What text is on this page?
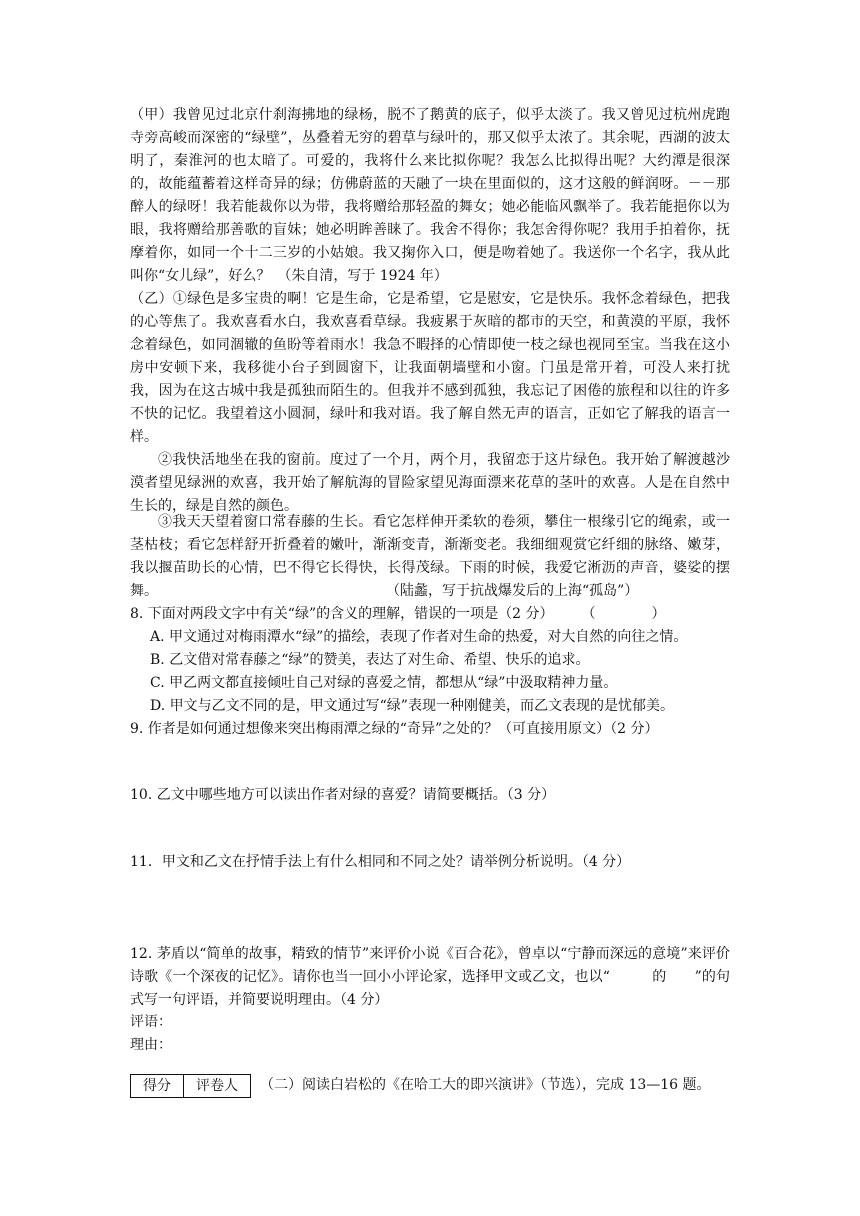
（甲）我曾见过北京什刹海拂地的绿杨，脱不了鹅黄的底子，似乎太淡了。我又曾见过杭州虎跑寺旁高峻而深密的“绿壁”，丛叠着无穷的碧草与绿叶的，那又似乎太浓了。其余呢，西湖的波太明了，秦淮河的也太暗了。可爱的，我将什么来比拟你呢？我怎么比拟得出呢？大约潭是很深的，故能蕴蓄着这样奇异的绿；仿佛蔚蓝的天融了一块在里面似的，这才这般的鲜润呀。－－那醉人的绿呀！我若能裁你以为带，我将赠给那轻盈的舞女；她必能临风飘举了。我若能挹你以为眼，我将赠给那善歌的盲妹；她必明眸善睐了。我舍不得你；我怎舍得你呢？我用手拍着你，抚摩着你，如同一个十二三岁的小姑娘。我又掬你入口，便是吻着她了。我送你一个名字，我从此叫你“女儿绿”，好么？　（朱自清，写于 1924 年）

（乙）①绿色是多宝贵的啊！它是生命，它是希望，它是慰安，它是快乐。我怀念着绿色，把我的心等焦了。我欢喜看水白，我欢喜看草绿。我疲累于灰暗的都市的天空，和黄漠的平原，我怀念着绿色，如同涸辙的鱼盼等着雨水！我急不暇择的心情即使一枝之绿也视同至宝。当我在这小房中安顿下来，我移徙小台子到圆窗下，让我面朝墙壁和小窗。门虽是常开着，可没人来打扰我，因为在这古城中我是孤独而陌生的。但我并不感到孤独，我忘记了困倦的旅程和以往的许多不快的记忆。我望着这小圆洞，绿叶和我对语。我了解自然无声的语言，正如它了解我的语言一样。

②我快活地坐在我的窗前。度过了一个月，两个月，我留恋于这片绿色。我开始了解渡越沙漠者望见绿洲的欢喜，我开始了解航海的冒险家望见海面漂来花草的茎叶的欢喜。人是在自然中生长的，绿是自然的颜色。

③我天天望着窗口常春藤的生长。看它怎样伸开柔软的卷须，攀住一根缘引它的绳索，或一茎枯枝；看它怎样舒开折叠着的嫩叶，渐渐变青，渐渐变老。我细细观赏它纤细的脉络、嫩芽，我以揠苗助长的心情，巴不得它长得快，长得茂绿。下雨的时候，我爱它淅沥的声音，婆娑的摆舞。	（陆蠡，写于抗战爆发后的上海“孤岛”）

8. 下面对两段文字中有关“绿”的含义的理解，错误的一项是（2 分）　　　（　　　　）

A. 甲文通过对梅雨潭水“绿”的描绘，表现了作者对生命的热爱，对大自然的向往之情。

B. 乙文借对常春藤之“绿”的赞美，表达了对生命、希望、快乐的追求。

C. 甲乙两文都直接倾吐自己对绿的喜爱之情，都想从“绿”中汲取精神力量。

D. 甲文与乙文不同的是，甲文通过写“绿”表现一种刚健美，而乙文表现的是忧郁美。

9. 作者是如何通过想像来突出梅雨潭之绿的“奇异”之处的？（可直接用原文）（2 分）

10. 乙文中哪些地方可以读出作者对绿的喜爱？请简要概括。（3 分）

11．甲文和乙文在抒情手法上有什么相同和不同之处？请举例分析说明。（4 分）

12. 茅盾以“简单的故事，精致的情节”来评价小说《百合花》，曾卓以“宁静而深远的意境”来评价诗歌《一个深夜的记忆》。请你也当一回小小评论家，选择甲文或乙文，也以“　　　的　　”的句式写一句评语，并简要说明理由。（4 分）

评语：

理由：

得分	评卷人	（二）阅读白岩松的《在哈工大的即兴演讲》（节选），完成 13—16 题。
